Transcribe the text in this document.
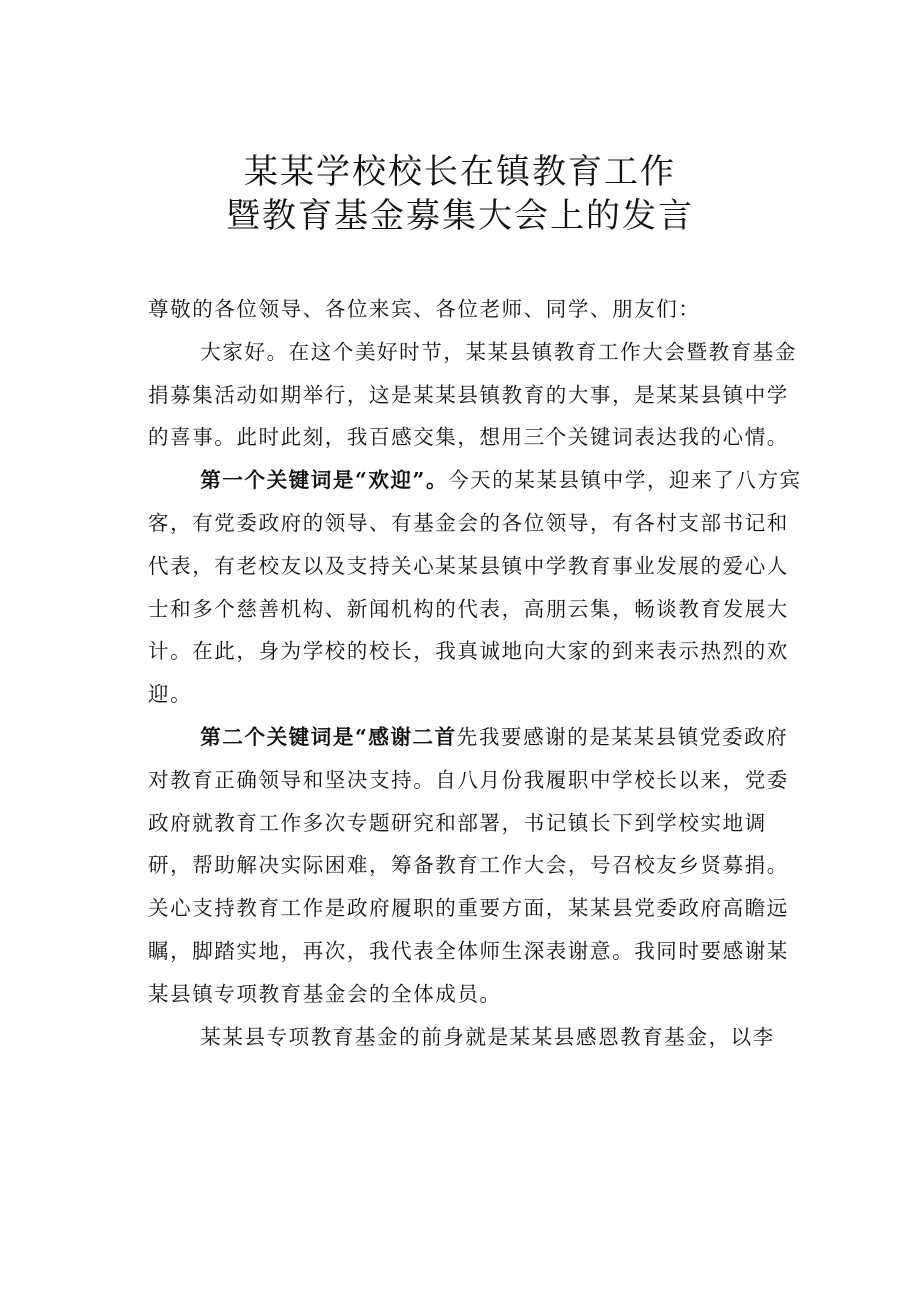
某某学校校长在镇教育工作
暨教育基金募集大会上的发言

尊敬的各位领导、各位来宾、各位老师、同学、朋友们：

大家好。在这个美好时节，某某县镇教育工作大会暨教育基金捐募集活动如期举行，这是某某县镇教育的大事，是某某县镇中学的喜事。此时此刻，我百感交集，想用三个关键词表达我的心情。

第一个关键词是“欢迎”。今天的某某县镇中学，迎来了八方宾客，有党委政府的领导、有基金会的各位领导，有各村支部书记和代表，有老校友以及支持关心某某县镇中学教育事业发展的爱心人士和多个慈善机构、新闻机构的代表，高朋云集，畅谈教育发展大计。在此，身为学校的校长，我真诚地向大家的到来表示热烈的欢迎。

第二个关键词是“感谢二首先我要感谢的是某某县镇党委政府对教育正确领导和坚决支持。自八月份我履职中学校长以来，党委政府就教育工作多次专题研究和部署，书记镇长下到学校实地调研，帮助解决实际困难，筹备教育工作大会，号召校友乡贤募捐。关心支持教育工作是政府履职的重要方面，某某县党委政府高瞻远瞩，脚踏实地，再次，我代表全体师生深表谢意。我同时要感谢某某县镇专项教育基金会的全体成员。

某某县专项教育基金的前身就是某某县感恩教育基金，以李
